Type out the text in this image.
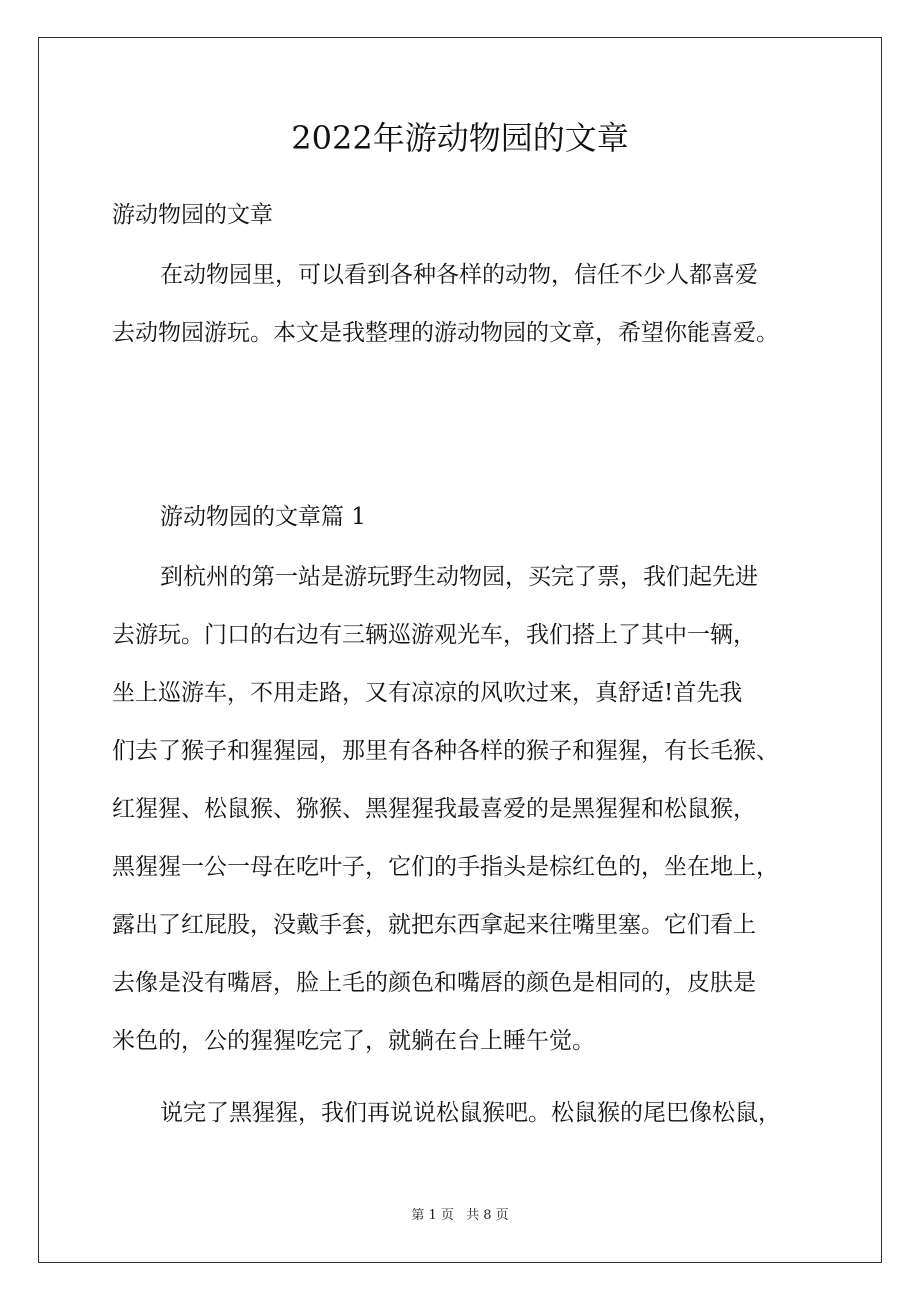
2022年游动物园的文章

游动物园的文章

在动物园里，可以看到各种各样的动物，信任不少人都喜爱
去动物园游玩。本文是我整理的游动物园的文章，希望你能喜爱。
游动物园的文章篇 1
到杭州的第一站是游玩野生动物园，买完了票，我们起先进
去游玩。门口的右边有三辆巡游观光车，我们搭上了其中一辆，
坐上巡游车，不用走路，又有凉凉的风吹过来，真舒适!首先我
们去了猴子和猩猩园，那里有各种各样的猴子和猩猩，有长毛猴、
红猩猩、松鼠猴、猕猴、黑猩猩我最喜爱的是黑猩猩和松鼠猴，
黑猩猩一公一母在吃叶子，它们的手指头是棕红色的，坐在地上，
露出了红屁股，没戴手套，就把东西拿起来往嘴里塞。它们看上
去像是没有嘴唇，脸上毛的颜色和嘴唇的颜色是相同的，皮肤是
米色的，公的猩猩吃完了，就躺在台上睡午觉。
说完了黑猩猩，我们再说说松鼠猴吧。松鼠猴的尾巴像松鼠，
第 1 页 共 8 页
